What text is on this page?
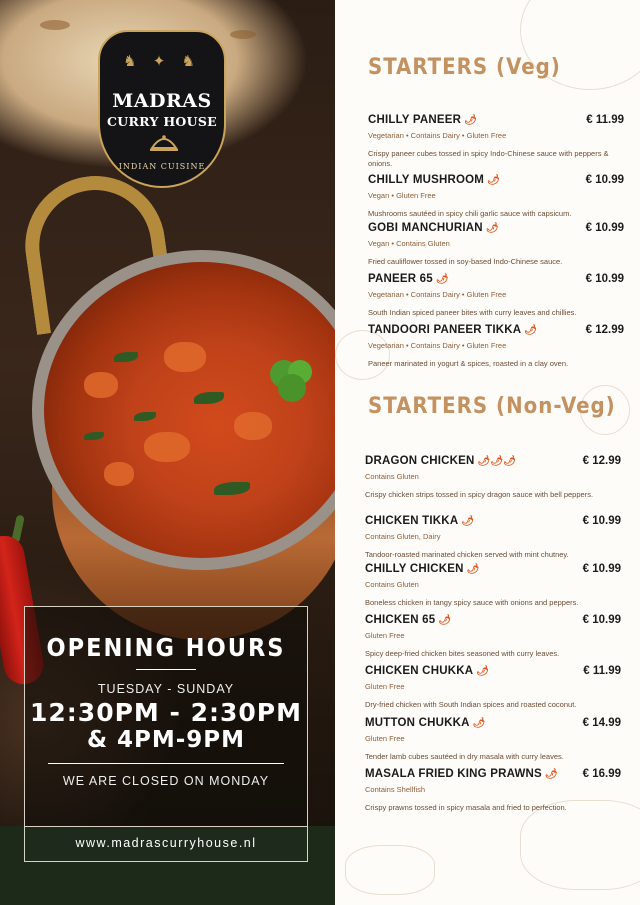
♞ ✦ ♞
MADRAS
CURRY HOUSE
INDIAN CUISINE
OPENING HOURS
TUESDAY - SUNDAY
12:30PM - 2:30PM
& 4PM-9PM
WE ARE CLOSED ON MONDAY
www.madrascurryhouse.nl
STARTERS (Veg)
CHILLY PANEER 🌶	€ 11.99
Vegetarian • Contains Dairy • Gluten Free
Crispy paneer cubes tossed in spicy Indo-Chinese sauce with peppers & onions.
CHILLY MUSHROOM 🌶	€ 10.99
Vegan • Gluten Free
Mushrooms sautéed in spicy chili garlic sauce with capsicum.
GOBI MANCHURIAN 🌶	€ 10.99
Vegan • Contains Gluten
Fried cauliflower tossed in soy-based Indo-Chinese sauce.
PANEER 65 🌶	€ 10.99
Vegetarian • Contains Dairy • Gluten Free
South Indian spiced paneer bites with curry leaves and chillies.
TANDOORI PANEER TIKKA 🌶	€ 12.99
Vegetarian • Contains Dairy • Gluten Free
Paneer marinated in yogurt & spices, roasted in a clay oven.
STARTERS (Non-Veg)
DRAGON CHICKEN 🌶🌶🌶	€ 12.99
Contains Gluten
Crispy chicken strips tossed in spicy dragon sauce with bell peppers.
CHICKEN TIKKA 🌶	€ 10.99
Contains Gluten, Dairy
Tandoor-roasted marinated chicken served with mint chutney.
CHILLY CHICKEN 🌶	€ 10.99
Contains Gluten
Boneless chicken in tangy spicy sauce with onions and peppers.
CHICKEN 65 🌶	€ 10.99
Gluten Free
Spicy deep-fried chicken bites seasoned with curry leaves.
CHICKEN CHUKKA 🌶	€ 11.99
Gluten Free
Dry-fried chicken with South Indian spices and roasted coconut.
MUTTON CHUKKA 🌶	€ 14.99
Gluten Free
Tender lamb cubes sautéed in dry masala with curry leaves.
MASALA FRIED KING PRAWNS 🌶 € 16.99
Contains Shellfish
Crispy prawns tossed in spicy masala and fried to perfection.
